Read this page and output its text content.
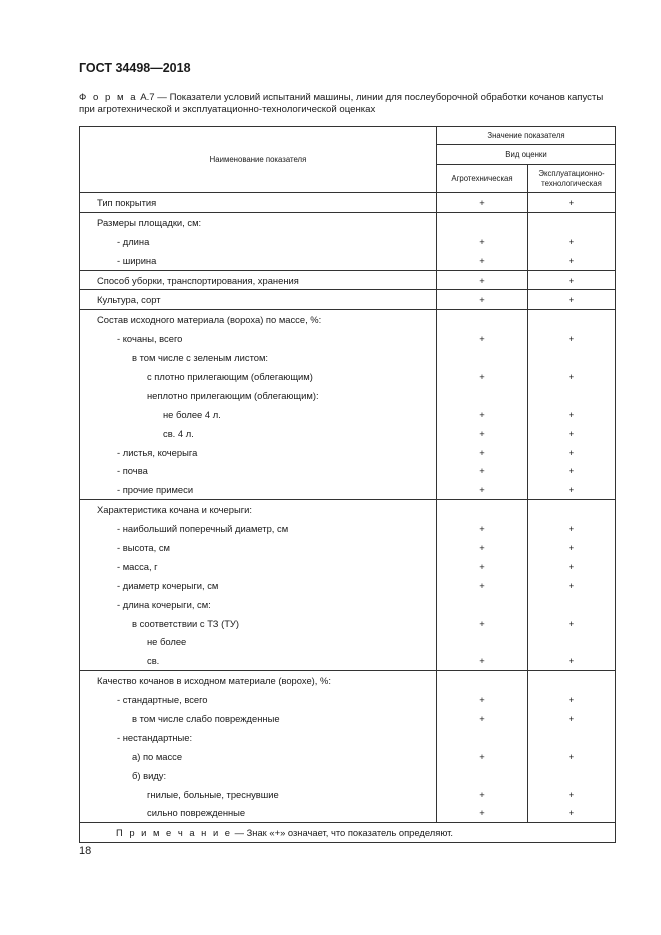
ГОСТ 34498—2018
Ф о р м а А.7 — Показатели условий испытаний машины, линии для послеуборочной обработки кочанов капусты при агротехнической и эксплуатационно-технологической оценках
Наименование показателя	Значение показателя	
	Вид оценки	
	Агротехническая	Эксплуатационно-технологическая
Тип покрытия	+	+
Размеры площадки, см:		
- длина	+	+
- ширина	+	+
Способ уборки, транспортирования, хранения	+	+
Культура, сорт	+	+
Состав исходного материала (вороха) по массе, %:		
- кочаны, всего	+	+
в том числе с зеленым листом:		
с плотно прилегающим (облегающим)	+	+
неплотно прилегающим (облегающим):		
не более 4 л.	+	+
св. 4 л.	+	+
- листья, кочерыга	+	+
- почва	+	+
- прочие примеси	+	+
Характеристика кочана и кочерыги:		
- наибольший поперечный диаметр, см	+	+
- высота, см	+	+
- масса, г	+	+
- диаметр кочерыги, см	+	+
- длина кочерыги, см:		
в соответствии с ТЗ (ТУ)	+	+
не более		
св.	+	+
Качество кочанов в исходном материале (ворохе), %:		
- стандартные, всего	+	+
в том числе слабо поврежденные	+	+
- нестандартные:		
а) по массе	+	+
б) виду:		
гнилые, больные, треснувшие	+	+
сильно поврежденные	+	+
П р и м е ч а н и е — Знак «+» означает, что показатель определяют.		
18
